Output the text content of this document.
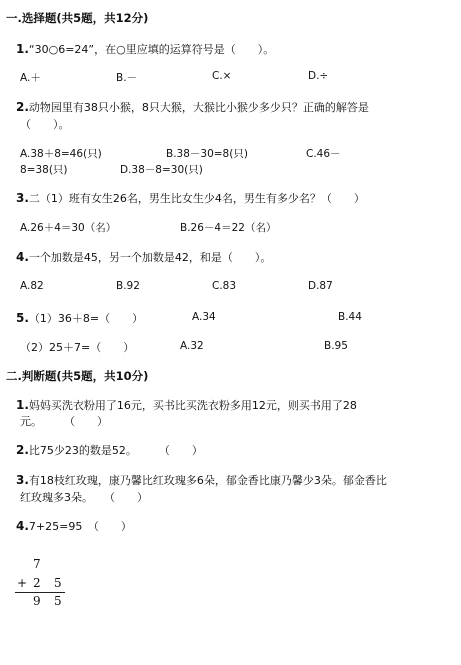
一.选择题(共5题，共12分)
1.“30○6=24”，在○里应填的运算符号是（　　）。
A.＋	B.－	C.×	D.÷
2.动物园里有38只小猴，8只大猴，大猴比小猴少多少只？正确的解答是
（　　）。
A.38＋8=46(只)	B.38－30=8(只)	C.46－
8=38(只)	D.38－8=30(只)
3.二（1）班有女生26名，男生比女生少4名，男生有多少名？（　　）
A.26＋4＝30（名）	B.26－4＝22（名）
4.一个加数是45，另一个加数是42，和是（　　）。
A.82	B.92	C.83	D.87
5.（1）36＋8=（　　）	A.34	B.44
（2）25＋7=（　　）	A.32	B.95
二.判断题(共5题，共10分)
1.妈妈买洗衣粉用了16元，买书比买洗衣粉多用12元，则买书用了28
元。　　　（　　）
2.比75少23的数是52。　　　（　　）
3.有18枝红玫瑰，康乃馨比红玫瑰多6朵，郁金香比康乃馨少3朵。郁金香比
红玫瑰多3朵。　　（　　）
4.7+25=95　（　　）
7
+ 2 5
9 5
